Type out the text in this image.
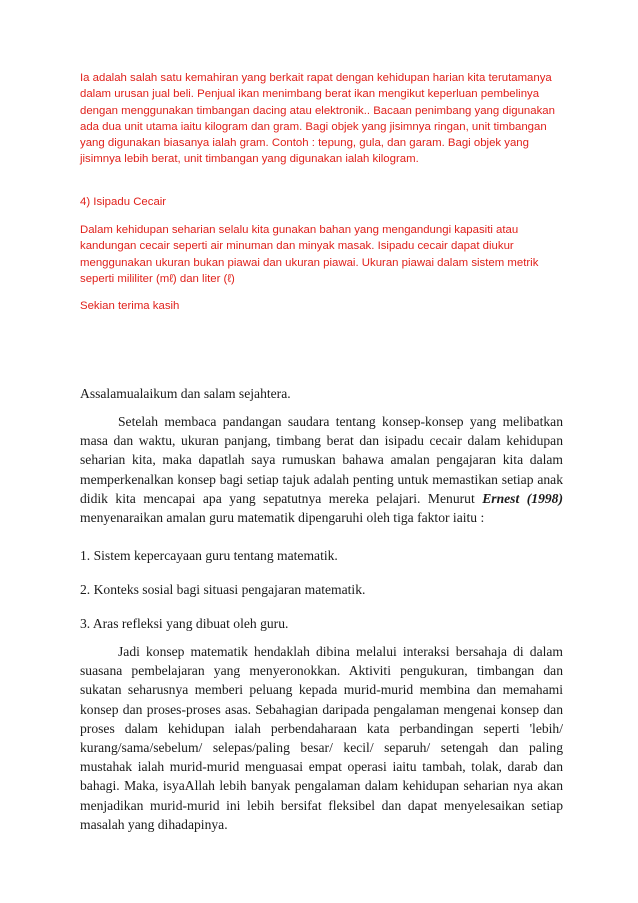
Ia adalah salah satu kemahiran yang berkait rapat dengan kehidupan harian kita terutamanya dalam urusan jual beli. Penjual ikan menimbang berat ikan mengikut keperluan pembelinya dengan menggunakan timbangan dacing atau elektronik.. Bacaan penimbang yang digunakan ada dua unit utama iaitu kilogram dan gram. Bagi objek yang jisimnya ringan, unit timbangan yang digunakan biasanya ialah gram. Contoh : tepung, gula, dan garam. Bagi objek yang jisimnya lebih berat, unit timbangan yang digunakan ialah kilogram.

4) Isipadu Cecair

Dalam kehidupan seharian selalu kita gunakan bahan yang mengandungi kapasiti atau kandungan cecair seperti air minuman dan minyak masak. Isipadu cecair dapat diukur menggunakan ukuran bukan piawai dan ukuran piawai. Ukuran piawai dalam sistem metrik seperti mililiter (mℓ) dan liter (ℓ)

Sekian terima kasih

Assalamualaikum dan salam sejahtera.

Setelah membaca pandangan saudara tentang konsep-konsep yang melibatkan masa dan waktu, ukuran panjang, timbang berat dan isipadu cecair dalam kehidupan seharian kita, maka dapatlah saya rumuskan bahawa amalan pengajaran kita dalam memperkenalkan konsep bagi setiap tajuk adalah penting untuk memastikan setiap anak didik kita mencapai apa yang sepatutnya mereka pelajari. Menurut Ernest (1998) menyenaraikan amalan guru matematik dipengaruhi oleh tiga faktor iaitu :

1. Sistem kepercayaan guru tentang matematik.

2. Konteks sosial bagi situasi pengajaran matematik.

3. Aras refleksi yang dibuat oleh guru.

Jadi konsep matematik hendaklah dibina melalui interaksi bersahaja di dalam suasana pembelajaran yang menyeronokkan. Aktiviti pengukuran, timbangan dan sukatan seharusnya memberi peluang kepada murid-murid membina dan memahami konsep dan proses-proses asas. Sebahagian daripada pengalaman mengenai konsep dan proses dalam kehidupan ialah perbendaharaan kata perbandingan seperti 'lebih/ kurang/sama/sebelum/ selepas/paling besar/ kecil/ separuh/ setengah dan paling mustahak ialah murid-murid menguasai empat operasi iaitu tambah, tolak, darab dan bahagi. Maka, isyaAllah lebih banyak pengalaman dalam kehidupan seharian nya akan menjadikan murid-murid ini lebih bersifat fleksibel dan dapat menyelesaikan setiap masalah yang dihadapinya.
